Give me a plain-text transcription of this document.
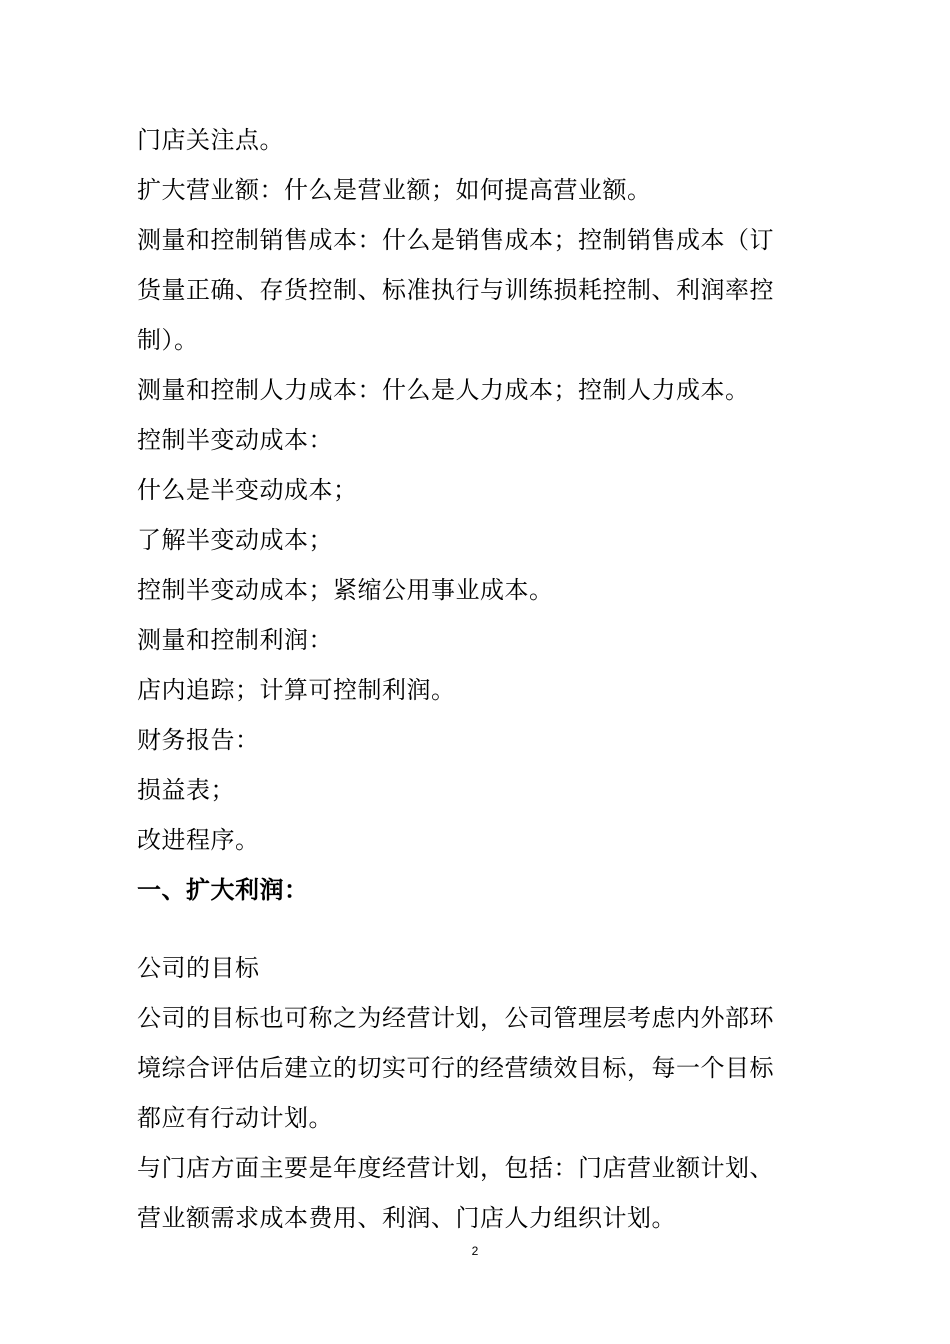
门店关注点。
扩大营业额：什么是营业额；如何提高营业额。
测量和控制销售成本：什么是销售成本；控制销售成本（订
货量正确、存货控制、标准执行与训练损耗控制、利润率控
制）。
测量和控制人力成本：什么是人力成本；控制人力成本。
控制半变动成本：
什么是半变动成本；
了解半变动成本；
控制半变动成本；紧缩公用事业成本。
测量和控制利润：
店内追踪；计算可控制利润。
财务报告：
损益表；
改进程序。
一、扩大利润：
公司的目标
公司的目标也可称之为经营计划，公司管理层考虑内外部环
境综合评估后建立的切实可行的经营绩效目标，每一个目标
都应有行动计划。
与门店方面主要是年度经营计划，包括：门店营业额计划、
营业额需求成本费用、利润、门店人力组织计划。
2
